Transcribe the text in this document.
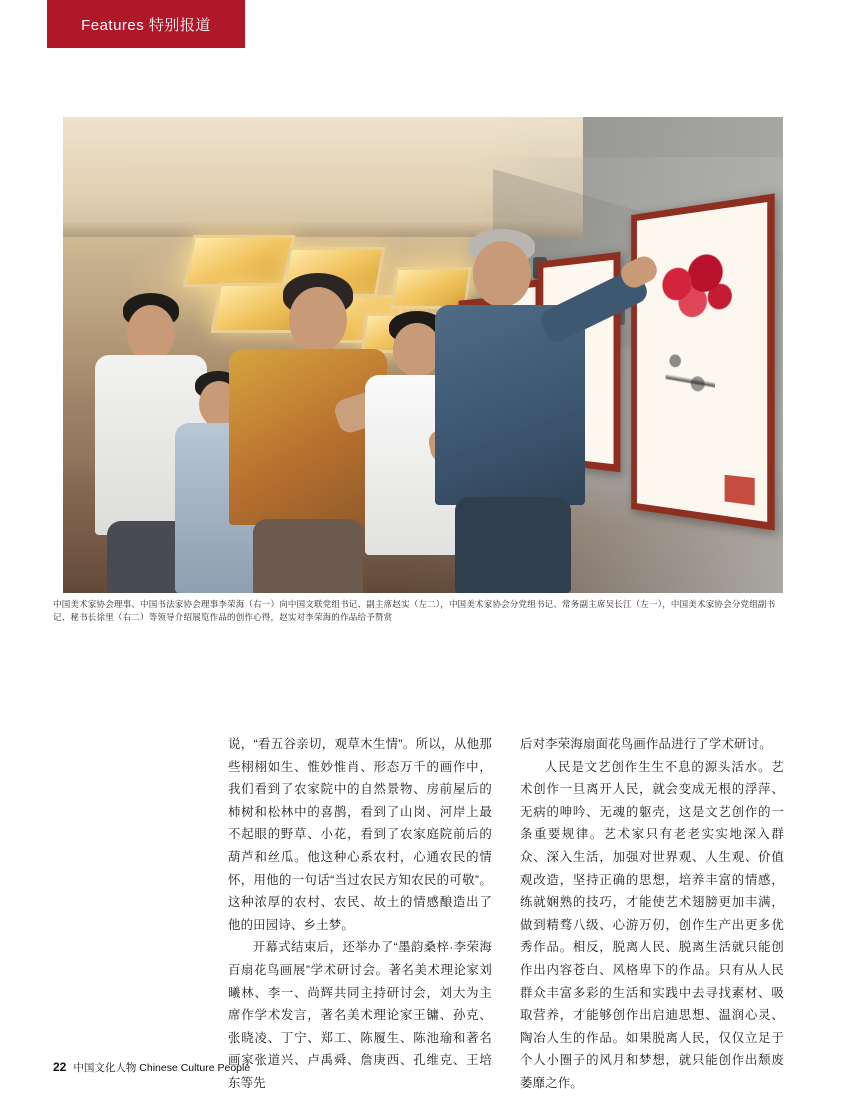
Features 特别报道
中国美术家协会理事、中国书法家协会理事李荣海（右一）向中国文联党组书记、副主席赵实（左二），中国美术家协会分党组书记、常务副主席吴长江（左一），中国美术家协会分党组副书记、秘书长徐里（右二）等领导介绍展览作品的创作心得，赵实对李荣海的作品给予赞赏

说，“看五谷亲切，观草木生情”。所以，从他那些栩栩如生、惟妙惟肖、形态万千的画作中，我们看到了农家院中的自然景物、房前屋后的柿树和松林中的喜鹊，看到了山岗、河岸上最不起眼的野草、小花，看到了农家庭院前后的葫芦和丝瓜。他这种心系农村，心通农民的情怀，用他的一句话“当过农民方知农民的可敬”。这种浓厚的农村、农民、故土的情感酿造出了他的田园诗、乡土梦。

开幕式结束后，还举办了“墨韵桑梓·李荣海百扇花鸟画展”学术研讨会。著名美术理论家刘曦林、李一、尚辉共同主持研讨会，刘大为主席作学术发言，著名美术理论家王镛、孙克、张晓凌、丁宁、郑工、陈履生、陈池瑜和著名画家张道兴、卢禹舜、詹庚西、孔维克、王培东等先

后对李荣海扇面花鸟画作品进行了学术研讨。

人民是文艺创作生生不息的源头活水。艺术创作一旦离开人民，就会变成无根的浮萍、无病的呻吟、无魂的躯壳，这是文艺创作的一条重要规律。艺术家只有老老实实地深入群众、深入生活，加强对世界观、人生观、价值观改造，坚持正确的思想，培养丰富的情感，练就娴熟的技巧，才能使艺术翅膀更加丰满，做到精骛八级、心游万仞，创作生产出更多优秀作品。相反，脱离人民、脱离生活就只能创作出内容苍白、风格卑下的作品。只有从人民群众丰富多彩的生活和实践中去寻找素材、吸取营养，才能够创作出启迪思想、温润心灵、陶冶人生的作品。如果脱离人民，仅仅立足于个人小圈子的风月和梦想，就只能创作出颓废萎靡之作。

22 中国文化人物 Chinese Culture People
